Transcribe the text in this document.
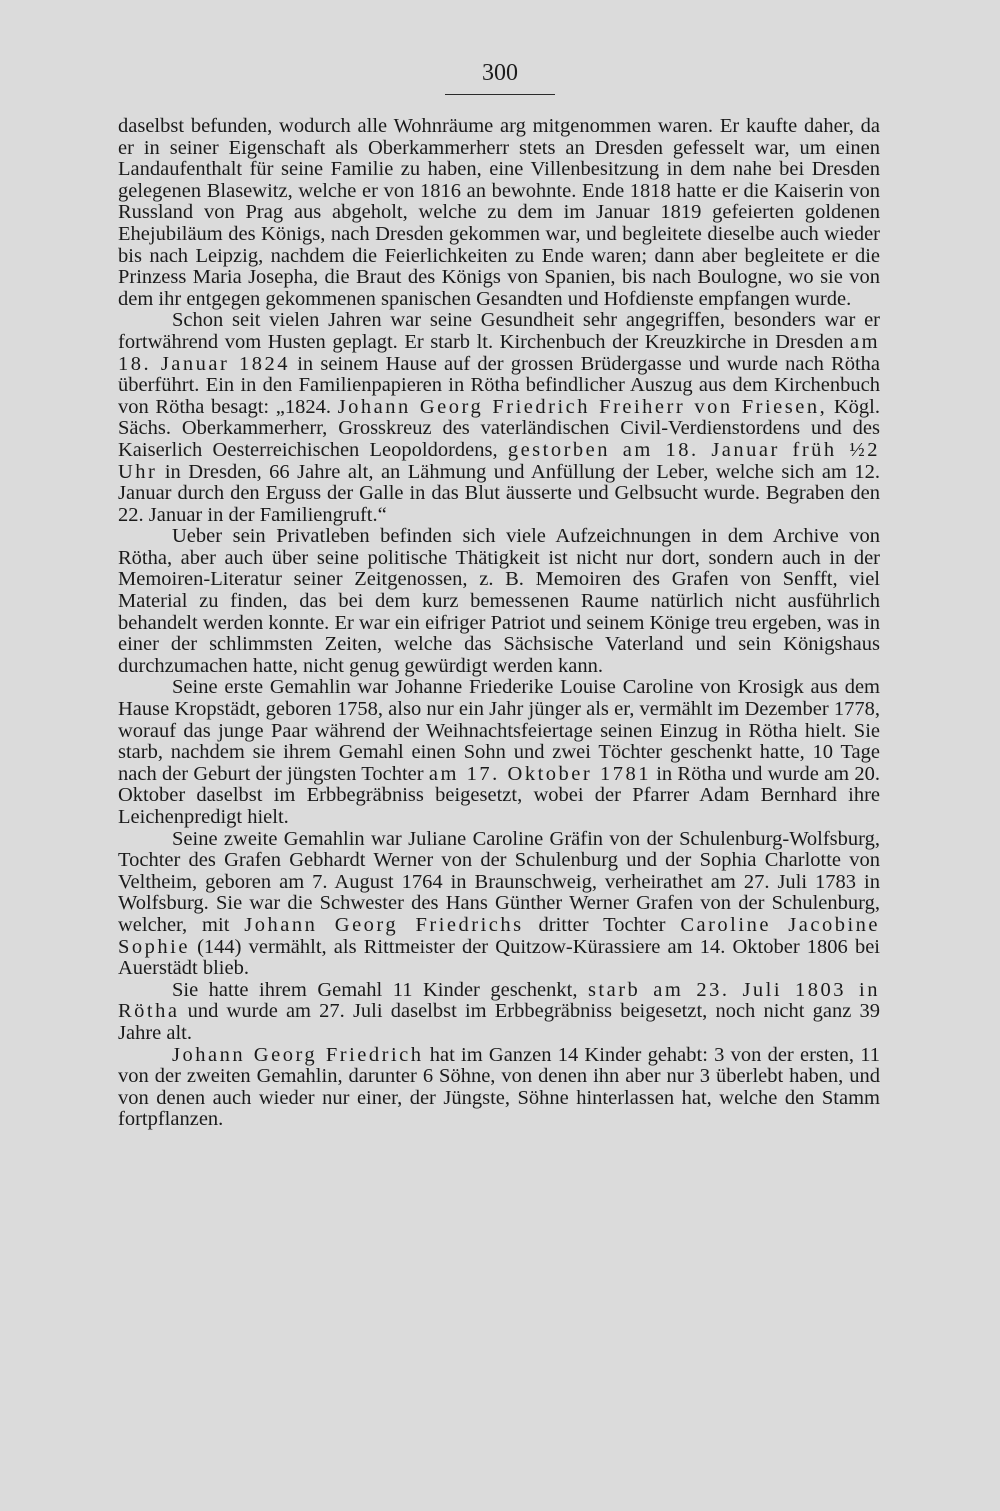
300

daselbst befunden, wodurch alle Wohnräume arg mitgenommen waren. Er kaufte daher, da er in seiner Eigenschaft als Oberkammerherr stets an Dresden gefesselt war, um einen Landaufenthalt für seine Familie zu haben, eine Villenbesitzung in dem nahe bei Dresden gelegenen Blasewitz, welche er von 1816 an bewohnte. Ende 1818 hatte er die Kaiserin von Russland von Prag aus abgeholt, welche zu dem im Januar 1819 gefeierten goldenen Ehejubiläum des Königs, nach Dresden gekommen war, und begleitete dieselbe auch wieder bis nach Leipzig, nachdem die Feierlichkeiten zu Ende waren; dann aber begleitete er die Prinzess Maria Josepha, die Braut des Königs von Spanien, bis nach Boulogne, wo sie von dem ihr entgegen gekommenen spanischen Gesandten und Hofdienste empfangen wurde.

Schon seit vielen Jahren war seine Gesundheit sehr angegriffen, besonders war er fortwährend vom Husten geplagt. Er starb lt. Kirchenbuch der Kreuzkirche in Dresden am 18. Januar 1824 in seinem Hause auf der grossen Brüdergasse und wurde nach Rötha überführt. Ein in den Familienpapieren in Rötha befindlicher Auszug aus dem Kirchenbuch von Rötha besagt: „1824. Johann Georg Friedrich Freiherr von Friesen, Kögl. Sächs. Oberkammerherr, Grosskreuz des vaterländischen Civil-Verdienstordens und des Kaiserlich Oesterreichischen Leopoldordens, gestorben am 18. Januar früh ½2 Uhr in Dresden, 66 Jahre alt, an Lähmung und Anfüllung der Leber, welche sich am 12. Januar durch den Erguss der Galle in das Blut äusserte und Gelbsucht wurde. Begraben den 22. Januar in der Familiengruft.“

Ueber sein Privatleben befinden sich viele Aufzeichnungen in dem Archive von Rötha, aber auch über seine politische Thätigkeit ist nicht nur dort, sondern auch in der Memoiren-Literatur seiner Zeitgenossen, z. B. Memoiren des Grafen von Senfft, viel Material zu finden, das bei dem kurz bemessenen Raume natürlich nicht ausführlich behandelt werden konnte. Er war ein eifriger Patriot und seinem Könige treu ergeben, was in einer der schlimmsten Zeiten, welche das Sächsische Vaterland und sein Königshaus durchzumachen hatte, nicht genug gewürdigt werden kann.

Seine erste Gemahlin war Johanne Friederike Louise Caroline von Krosigk aus dem Hause Kropstädt, geboren 1758, also nur ein Jahr jünger als er, vermählt im Dezember 1778, worauf das junge Paar während der Weihnachtsfeiertage seinen Einzug in Rötha hielt. Sie starb, nachdem sie ihrem Gemahl einen Sohn und zwei Töchter geschenkt hatte, 10 Tage nach der Geburt der jüngsten Tochter am 17. Oktober 1781 in Rötha und wurde am 20. Oktober daselbst im Erbbegräbniss beigesetzt, wobei der Pfarrer Adam Bernhard ihre Leichenpredigt hielt.

Seine zweite Gemahlin war Juliane Caroline Gräfin von der Schulenburg-Wolfsburg, Tochter des Grafen Gebhardt Werner von der Schulenburg und der Sophia Charlotte von Veltheim, geboren am 7. August 1764 in Braunschweig, verheirathet am 27. Juli 1783 in Wolfsburg. Sie war die Schwester des Hans Günther Werner Grafen von der Schulenburg, welcher, mit Johann Georg Friedrichs dritter Tochter Caroline Jacobine Sophie (144) vermählt, als Rittmeister der Quitzow-Kürassiere am 14. Oktober 1806 bei Auerstädt blieb.

Sie hatte ihrem Gemahl 11 Kinder geschenkt, starb am 23. Juli 1803 in Rötha und wurde am 27. Juli daselbst im Erbbegräbniss beigesetzt, noch nicht ganz 39 Jahre alt.

Johann Georg Friedrich hat im Ganzen 14 Kinder gehabt: 3 von der ersten, 11 von der zweiten Gemahlin, darunter 6 Söhne, von denen ihn aber nur 3 überlebt haben, und von denen auch wieder nur einer, der Jüngste, Söhne hinterlassen hat, welche den Stamm fortpflanzen.
